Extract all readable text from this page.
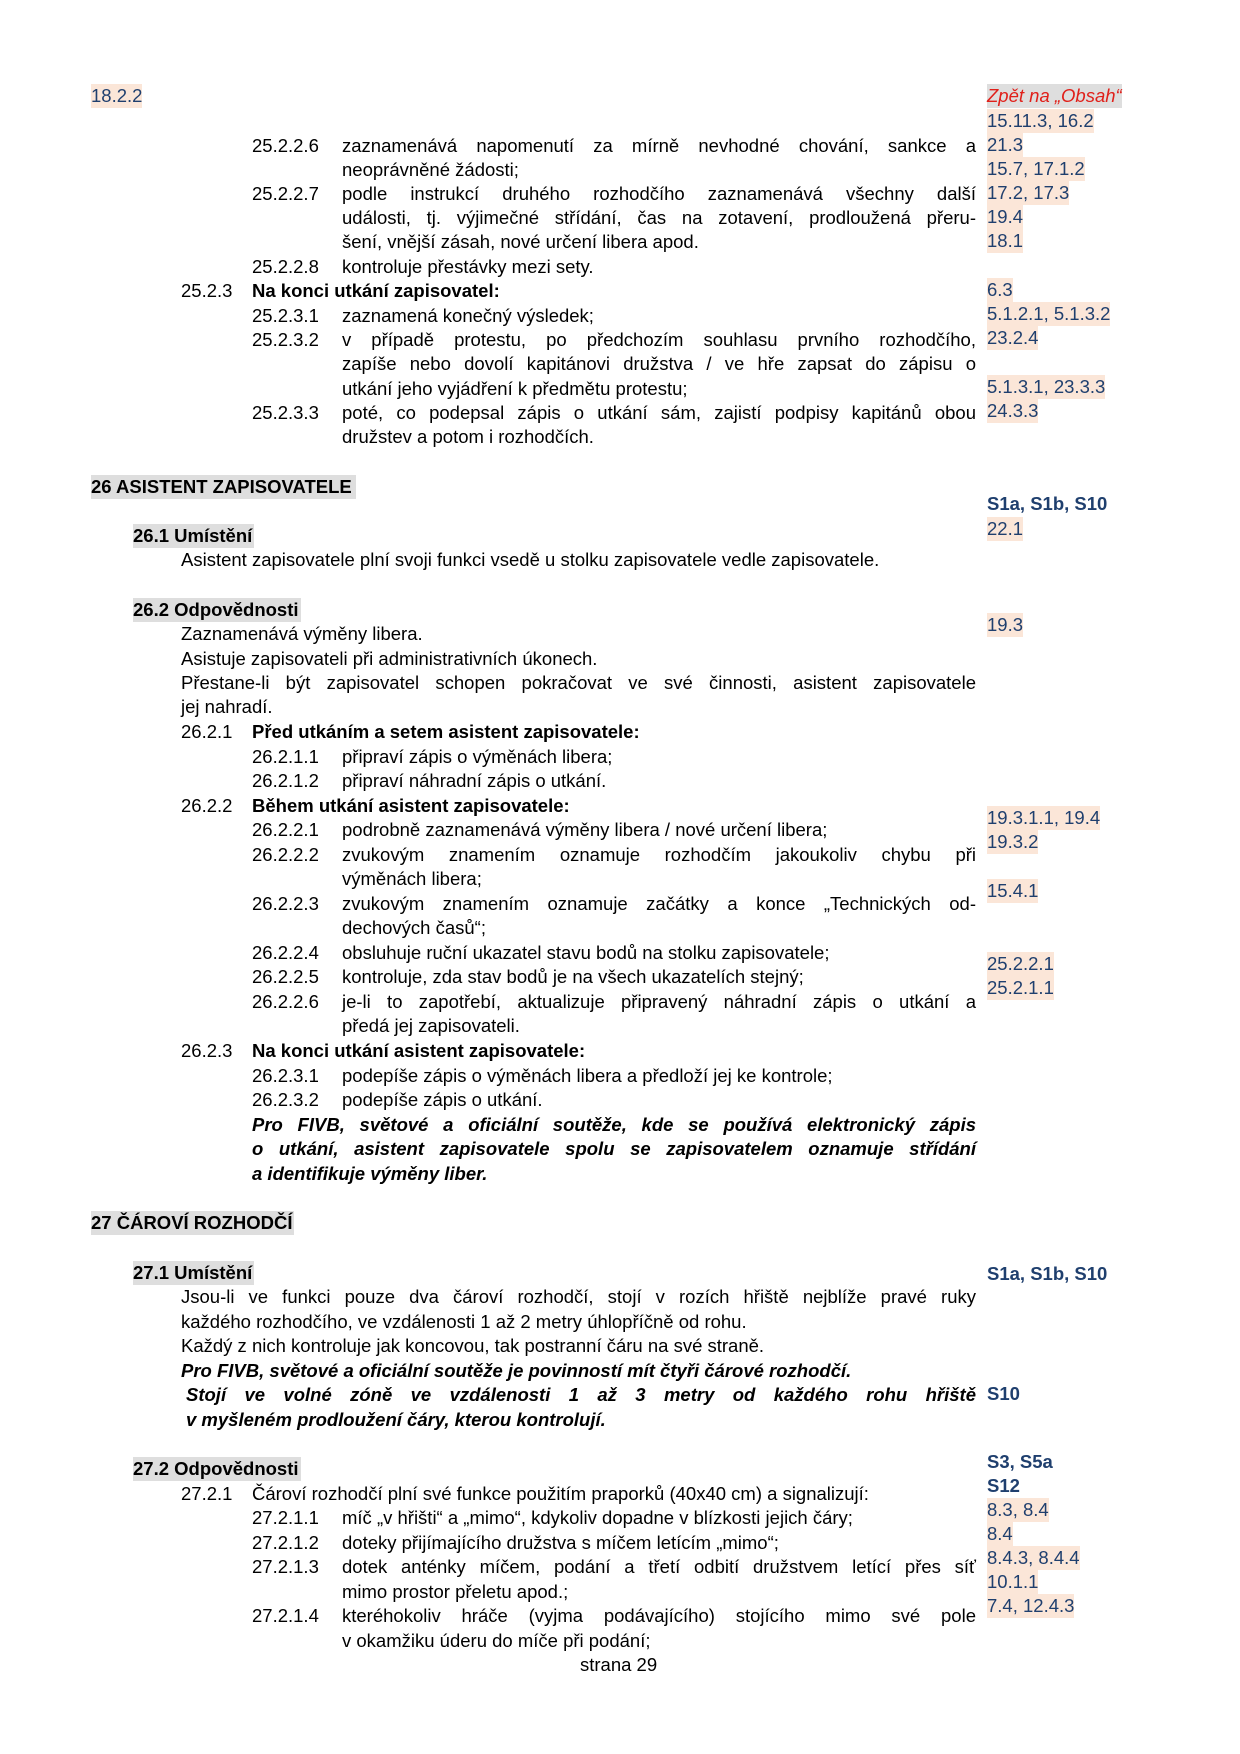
18.2.2	Zpět na „Obsah“
25.2.2.6 zaznamenává napomenutí za mírně nevhodné chování, sankce a
neoprávněné žádosti;
25.2.2.7 podle instrukcí druhého rozhodčího zaznamenává všechny další
události, tj. výjimečné střídání, čas na zotavení, prodloužená přeru-
šení, vnější zásah, nové určení libera apod.
25.2.2.8 kontroluje přestávky mezi sety.
25.2.3 Na konci utkání zapisovatel:
25.2.3.1 zaznamená konečný výsledek;
25.2.3.2 v případě protestu, po předchozím souhlasu prvního rozhodčího,
zapíše nebo dovolí kapitánovi družstva / ve hře zapsat do zápisu o
utkání jeho vyjádření k předmětu protestu;
25.2.3.3 poté, co podepsal zápis o utkání sám, zajistí podpisy kapitánů obou
družstev a potom i rozhodčích.
26 ASISTENT ZAPISOVATELE
26.1 Umístění
Asistent zapisovatele plní svoji funkci vsedě u stolku zapisovatele vedle zapisovatele.
26.2 Odpovědnosti
Zaznamenává výměny libera.
Asistuje zapisovateli při administrativních úkonech.
Přestane-li být zapisovatel schopen pokračovat ve své činnosti, asistent zapisovatele
jej nahradí.
26.2.1 Před utkáním a setem asistent zapisovatele:
26.2.1.1 připraví zápis o výměnách libera;
26.2.1.2 připraví náhradní zápis o utkání.
26.2.2 Během utkání asistent zapisovatele:
26.2.2.1 podrobně zaznamenává výměny libera / nové určení libera;
26.2.2.2 zvukovým znamením oznamuje rozhodčím jakoukoliv chybu při
výměnách libera;
26.2.2.3 zvukovým znamením oznamuje začátky a konce „Technických od-
dechových časů“;
26.2.2.4 obsluhuje ruční ukazatel stavu bodů na stolku zapisovatele;
26.2.2.5 kontroluje, zda stav bodů je na všech ukazatelích stejný;
26.2.2.6 je-li to zapotřebí, aktualizuje připravený náhradní zápis o utkání a
předá jej zapisovateli.
26.2.3 Na konci utkání asistent zapisovatele:
26.2.3.1 podepíše zápis o výměnách libera a předloží jej ke kontrole;
26.2.3.2 podepíše zápis o utkání.
Pro FIVB, světové a oficiální soutěže, kde se používá elektronický zápis
o utkání, asistent zapisovatele spolu se zapisovatelem oznamuje střídání
a identifikuje výměny liber.
27 ČÁROVÍ ROZHODČÍ
27.1 Umístění
Jsou-li ve funkci pouze dva čároví rozhodčí, stojí v rozích hřiště nejblíže pravé ruky
každého rozhodčího, ve vzdálenosti 1 až 2 metry úhlopříčně od rohu.
Každý z nich kontroluje jak koncovou, tak postranní čáru na své straně.
Pro FIVB, světové a oficiální soutěže je povinností mít čtyři čárové rozhodčí.
Stojí ve volné zóně ve vzdálenosti 1 až 3 metry od každého rohu hřiště
v myšleném prodloužení čáry, kterou kontrolují.
27.2 Odpovědnosti
27.2.1 Čároví rozhodčí plní své funkce použitím praporků (40x40 cm) a signalizují:
27.2.1.1 míč „v hřišti“ a „mimo“, kdykoliv dopadne v blízkosti jejich čáry;
27.2.1.2 doteky přijímajícího družstva s míčem letícím „mimo“;
27.2.1.3 dotek anténky míčem, podání a třetí odbití družstvem letící přes síť
mimo prostor přeletu apod.;
27.2.1.4 kteréhokoliv hráče (vyjma podávajícího) stojícího mimo své pole
v okamžiku úderu do míče při podání;
15.11.3, 16.2
21.3
15.7, 17.1.2
17.2, 17.3
19.4
18.1
6.3
5.1.2.1, 5.1.3.2
23.2.4
5.1.3.1, 23.3.3
24.3.3
S1a, S1b, S10
22.1
19.3
19.3.1.1, 19.4
19.3.2
15.4.1
25.2.2.1
25.2.1.1
S1a, S1b, S10
S10
S3, S5a
S12
8.3, 8.4
8.4
8.4.3, 8.4.4
10.1.1
7.4, 12.4.3
strana 29
